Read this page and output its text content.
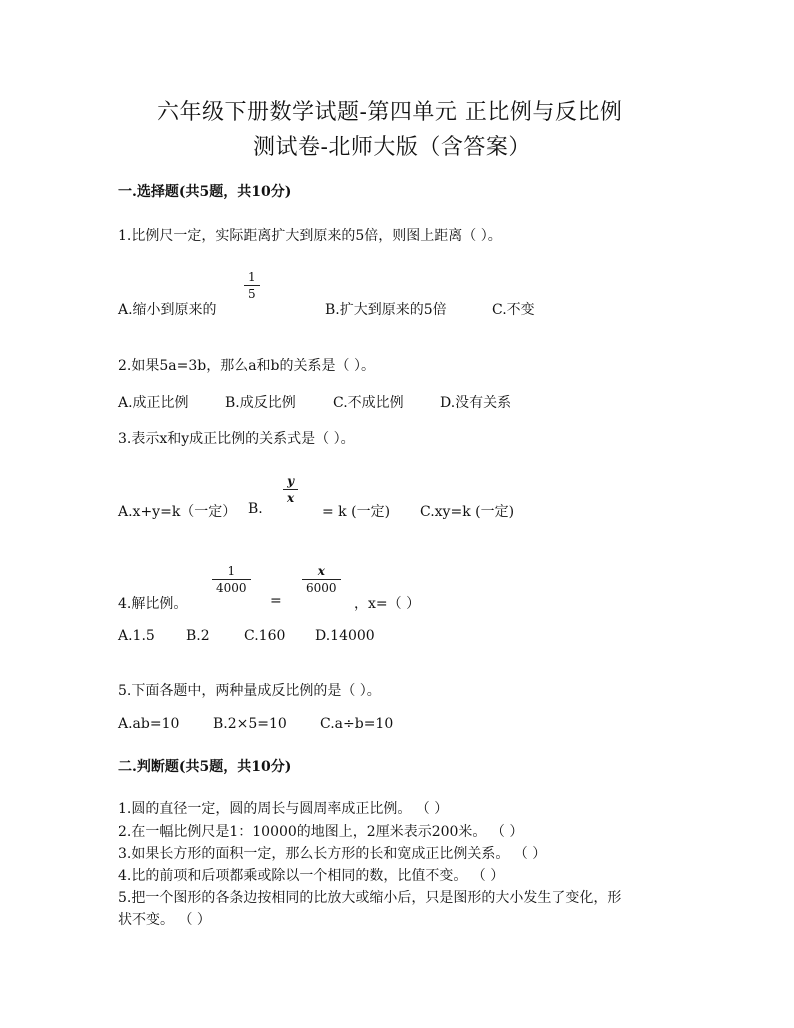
六年级下册数学试题-第四单元 正比例与反比例
测试卷-北师大版（含答案）
一.选择题(共5题，共10分)
1.比例尺一定，实际距离扩大到原来的5倍，则图上距离（ ）。
A.缩小到原来的
$\frac{1}{5}$
B.扩大到原来的5倍	C.不变
2.如果5a=3b，那么a和b的关系是（ ）。
A.成正比例	B.成反比例	C.不成比例	D.没有关系
3.表示x和y成正比例的关系式是（ ）。
A.x+y=k（一定） B.
$\frac{y}{x}$
= k (一定) C.xy=k (一定)
4.解比例。
$\frac{1}{4000}$
=
$\frac{x}{6000}$
，x=（ ）
A.1.5 B.2 C.160 D.14000
5.下面各题中，两种量成反比例的是（ ）。
A.ab=10 B.2×5=10 C.a÷b=10
二.判断题(共5题，共10分)
1.圆的直径一定，圆的周长与圆周率成正比例。 （ ）
2.在一幅比例尺是1：10000的地图上，2厘米表示200米。 （ ）
3.如果长方形的面积一定，那么长方形的长和宽成正比例关系。 （ ）
4.比的前项和后项都乘或除以一个相同的数，比值不变。 （ ）
5.把一个图形的各条边按相同的比放大或缩小后，只是图形的大小发生了变化，形
状不变。 （ ）
